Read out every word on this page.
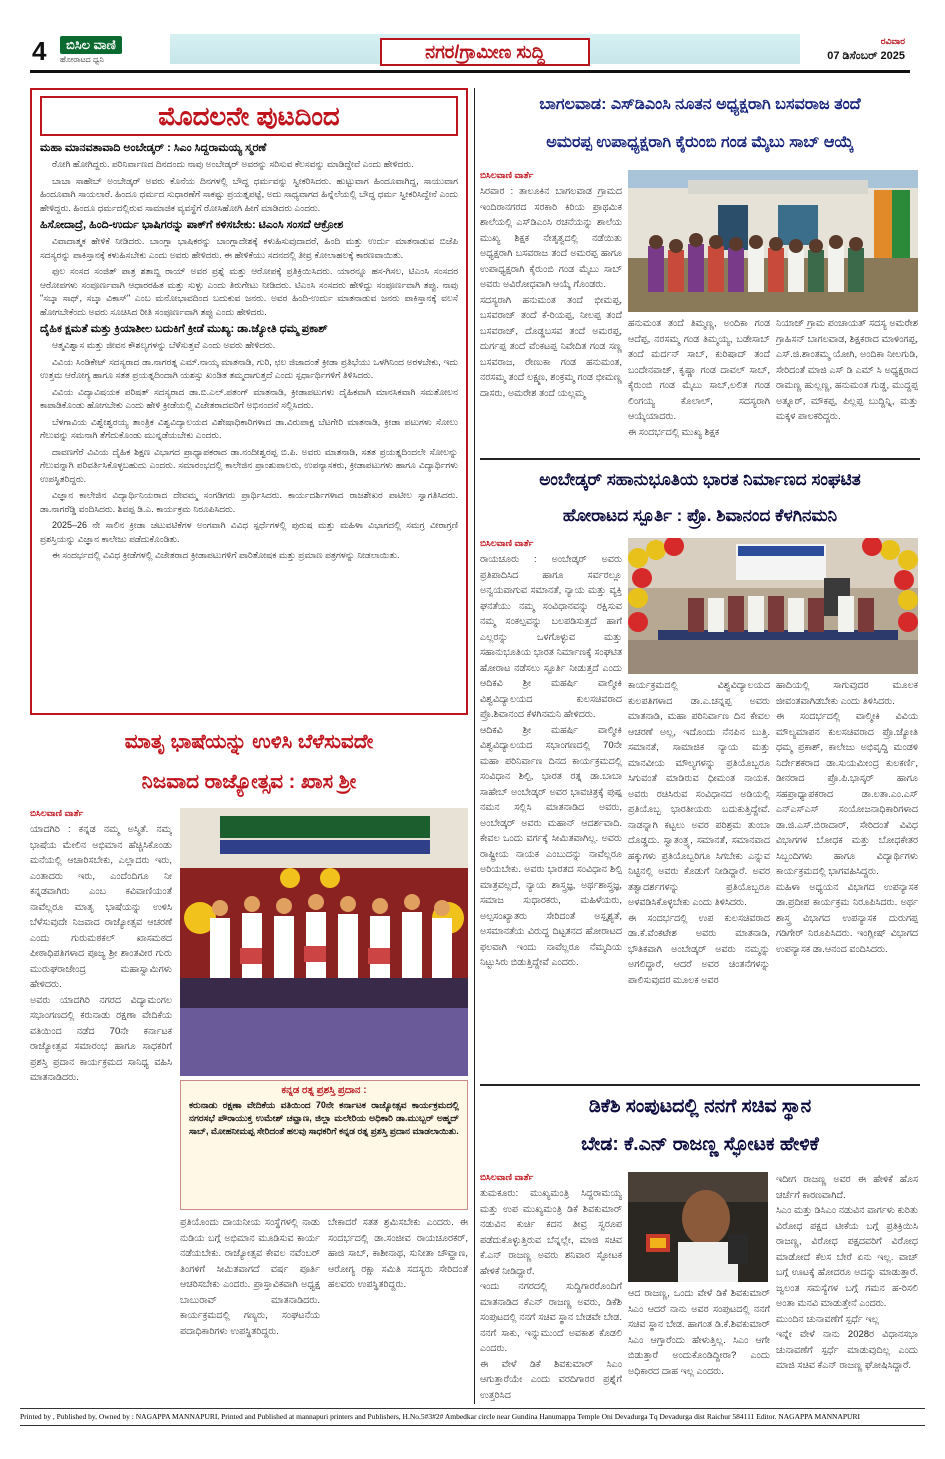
4	ಬಿಸಿಲ ವಾಣಿ
ಹೋರಾಟದ ಧ್ವನಿ	ನಗರ/ಗ್ರಾಮೀಣ ಸುದ್ದಿ
ರವಿವಾರ
07 ಡಿಸೆಂಬರ್ 2025
ಮೊದಲನೇ ಪುಟದಿಂದ
ಮಹಾ ಮಾನವತಾವಾದಿ ಅಂಬೇಡ್ಕರ್ : ಸಿಎಂ ಸಿದ್ದರಾಮಯ್ಯ ಸ್ಮರಣೆ

ರೋಗಿ ಹೋಗಿದ್ದರು. ಪರಿನಿರ್ವಾಣದ ದಿನದಂದು ನಾವು ಅಂಬೇಡ್ಕರ್ ಅವರನ್ನು ಸರಿಸುವ ಕೆಲಸವನ್ನು ಮಾಡಿದ್ದೇವೆ ಎಂದು ಹೇಳಿದರು.

ಬಾಬಾ ಸಾಹೇಬ್ ಅಂಬೇಡ್ಕರ್ ಅವರು ಕೊನೆಯ ದಿನಗಳಲ್ಲಿ ಬೌದ್ಧ ಧರ್ಮವನ್ನು ಸ್ವೀಕರಿಸಿದರು. ಹುಟ್ಟುವಾಗ ಹಿಂದೂವಾಗಿದ್ದ, ಸಾಯುವಾಗ ಹಿಂದೂವಾಗಿ ಸಾಯಲಾರೆ. ಹಿಂದೂ ಧರ್ಮದ ಸುಧಾರಣೆಗೆ ಸಾಕಷ್ಟು ಪ್ರಯತ್ನಪಟ್ಟೆ, ಅದು ಸಾಧ್ಯವಾಗದ ಹಿನ್ನೆಲೆಯಲ್ಲಿ ಬೌದ್ಧ ಧರ್ಮ ಸ್ವೀಕರಿಸಿದ್ದೇನೆ ಎಂದು ಹೇಳಿದ್ದರು. ಹಿಂದೂ ಧರ್ಮದಲ್ಲಿರುವ ಸಾಮಾಜಿಕ ವ್ಯವಸ್ಥೆಗೆ ರೋಸಿಹೋಗಿ ಹೀಗೆ ಮಾಡಿದರು ಎಂದರು.

ಹಿಸೋದಾದ್ರೆ, ಹಿಂದಿ-ಉರ್ದು ಭಾಷಿಗರನ್ನು ಪಾಕ್‌ಗೆ ಕಳಿಸಬೇಕು: ಟಿಎಂಸಿ ಸಂಸದೆ ಆಕ್ರೋಶ

ವಿವಾದಾತ್ಮಕ ಹೇಳಿಕೆ ನೀಡಿದರು. ಬಾಂಗ್ಲಾ ಭಾಷಿಕರನ್ನು ಬಾಂಗ್ಲಾದೇಶಕ್ಕೆ ಕಳುಹಿಸುವುದಾದರೆ, ಹಿಂದಿ ಮತ್ತು ಉರ್ದು ಮಾತನಾಡುವ ಬಿಜೆಪಿ ಸದಸ್ಯರನ್ನು ಪಾಕಿಸ್ತಾನಕ್ಕೆ ಕಳುಹಿಸಬೇಕು ಎಂದು ಅವರು ಹೇಳಿದರು. ಈ ಹೇಳಿಕೆಯು ಸದನದಲ್ಲಿ ತೀವ್ರ ಕೋಲಾಹಲಕ್ಕೆ ಕಾರಣವಾಯಿತು.

ಫುಲ ಸಂಸದ ಸಂಜಿತ್ ಪಾತ್ರ ಶತಾಬ್ದಿ ರಾಯ್ ಅವರ ಪ್ರಶ್ನೆ ಮತ್ತು ಆರೋಪಕ್ಕೆ ಪ್ರತಿಕ್ರಿಯಿಸಿದರು. ಯಾರನ್ನೂ ಹಸ-ಗಿಸಲ, ಟಿಎಂಸಿ ಸಂಸದರ ಆರೋಪಗಳು ಸಂಪೂರ್ಣವಾಗಿ ಆಧಾರರಹಿತ ಮತ್ತು ಸುಳ್ಳು ಎಂದು ತಿರುಗೇಟು ನೀಡಿದರು. ಟಿಎಂಸಿ ಸಂಸದರು ಹೇಳಿದ್ದು ಸಂಪೂರ್ಣವಾಗಿ ತಪ್ಪು. ನಾವು "ಸಬ್ಕಾ ಸಾಥ್, ಸಬ್ಕಾ ವಿಕಾಸ್" ಎಂಬ ಮನೋಭಾವದಿಂದ ಬದುಕುವ ಜನರು. ಅವರ ಹಿಂದಿ-ಉರ್ದು ಮಾತನಾಡುವ ಜನರು ಪಾಕಿಸ್ತಾನಕ್ಕೆ ವಲಸೆ ಹೋಗಬೇಕೆಂದು ಅವರು ಸೂಚಿಸಿದ ರೀತಿ ಸಂಪೂರ್ಣವಾಗಿ ತಪ್ಪು ಎಂದು ಹೇಳಿದರು.

ದೈಹಿಕ ಕ್ಷಮತೆ ಮತ್ತು ಕ್ರಿಯಾಶೀಲ ಬದುಕಿಗೆ ಕ್ರೀಡೆ ಮುಖ್ಯ: ಡಾ.ಜ್ಯೋತಿ ಧಮ್ಮ ಪ್ರಕಾಶ್

ಆತ್ಮವಿಶ್ವಾಸ ಮತ್ತು ಜೀವನ ಕೌಶಲ್ಯಗಳನ್ನು ಬೆಳೆಸುತ್ತವೆ ಎಂದು ಅವರು ಹೇಳಿದರು.

ವಿವಿಯ ಸಿಂಡಿಕೇಟ್ ಸದಸ್ಯರಾದ ಡಾ.ನಾಗರತ್ನ ಎಮ್.ನಾಯ್ಕ ಮಾತನಾಡಿ, ಗುರಿ, ಛಲ ಜಿಜಾದಂತೆ ಕ್ರೀಡಾ ಪ್ರತಿಭೆಯು ಒಳಗಿನಿಂದ ಅರಳಬೇಕು, ಇದು ಉತ್ತಮ ಆರೋಗ್ಯ ಹಾಗೂ ಸತತ ಪ್ರಯತ್ನದಿಂದಾಗಿ ಯಶಸ್ಸು ಖಂಡಿತ ತಮ್ಮದಾಗುತ್ತದೆ ಎಂದು ಸ್ಪರ್ಧಾರ್ಥಿಗಳಿಗೆ ತಿಳಿಸಿದರು.

ವಿವಿಯ ವಿದ್ಯಾವಿಷಯಕ ಪರಿಷತ್ ಸದಸ್ಯರಾದ ಡಾ.ಬಿ.ಎಲ್.ಪತಂಗ್ ಮಾತನಾಡಿ, ಕ್ರೀಡಾಪಟುಗಳು ದೈಹಿಕವಾಗಿ ಮಾನಸಿಕವಾಗಿ ಸಮತೋಲನ ಕಾಪಾಡಿಕೊಂಡು ಹೋಗಬೇಕು ಎಂದು ಹೇಳಿ ಕ್ರೀಡೆಯಲ್ಲಿ ವಿಜೇತರಾದವರಿಗೆ ಅಭಿನಂದನೆ ಸಲ್ಲಿಸಿದರು.

ಬೆಳಗಾವಿಯ ವಿಶ್ವೇಶ್ವರಯ್ಯ ತಾಂತ್ರಿಕ ವಿಶ್ವವಿದ್ಯಾಲಯದ ವಿಶೇಷಾಧಿಕಾರಿಗಳಾದ ಡಾ.ವಿರುಪಾಕ್ಷ ಬೆಟಗೇರಿ ಮಾತನಾಡಿ, ಕ್ರೀಡಾ ಪಟುಗಳು ಸೋಲು ಗೆಲುವನ್ನು ಸಮನಾಗಿ ತೆಗೆದುಕೊಂಡು ಮುನ್ನಡೆಯಬೇಕು ಎಂದರು.

ದಾವಣಗೆರೆ ವಿವಿಯ ದೈಹಿಕ ಶಿಕ್ಷಣ ವಿಭಾಗದ ಪ್ರಾಧ್ಯಾಪಕರಾದ ಡಾ.ನಂದೀಶ್ವರಪ್ಪ ಬಿ.ಪಿ. ಅವರು ಮಾತನಾಡಿ, ಸತತ ಪ್ರಯತ್ನದಿಂದಲೇ ಸೋಲನ್ನು ಗೆಲುವನ್ನಾಗಿ ಪರಿವರ್ತಿಸಿಕೊಳ್ಳಬಹುದು ಎಂದರು. ಸಮಾರಂಭದಲ್ಲಿ ಕಾಲೇಜಿನ ಪ್ರಾಂಶುಪಾಲರು, ಉಪನ್ಯಾಸಕರು, ಕ್ರೀಡಾಪಟುಗಳು ಹಾಗೂ ವಿದ್ಯಾರ್ಥಿಗಳು ಉಪಸ್ಥಿತರಿದ್ದರು.

ವಿಜ್ಞಾನ ಕಾಲೇಜಿನ ವಿದ್ಯಾರ್ಥಿನಿಯರಾದ ದೇವಮ್ಮ ಸಂಗಡಿಗರು ಪ್ರಾರ್ಥಿಸಿದರು. ಕಾರ್ಯದರ್ಶಿಗಳಾದ ರಾಜಶೇಖರ ಪಾಟೀಲ ಸ್ವಾಗತಿಸಿದರು. ಡಾ.ನಾಗರೆಡ್ಡಿ ವಂದಿಸಿದರು. ಶಿವಪ್ಪ ಡಿ.ಎ. ಕಾರ್ಯಕ್ರಮ ನಿರೂಪಿಸಿದರು.

2025–26 ನೇ ಸಾಲಿನ ಕ್ರೀಡಾ ಚಟುವಟಿಕೆಗಳ ಅಂಗವಾಗಿ ವಿವಿಧ ಸ್ಪರ್ಧೆಗಳಲ್ಲಿ ಪುರುಷ ಮತ್ತು ಮಹಿಳಾ ವಿಭಾಗದಲ್ಲಿ ಸಮಗ್ರ ವೀರಾಗ್ರಣಿ ಪ್ರಶಸ್ತಿಯನ್ನು ವಿಜ್ಞಾನ ಕಾಲೇಜು ಪಡೆದುಕೊಂಡಿತು.

ಈ ಸಂದರ್ಭದಲ್ಲಿ ವಿವಿಧ ಕ್ರೀಡೆಗಳಲ್ಲಿ ವಿಜೇತರಾದ ಕ್ರೀಡಾಪಟುಗಳಿಗೆ ಪಾರಿತೋಷಕ ಮತ್ತು ಪ್ರಮಾಣ ಪತ್ರಗಳನ್ನು ನೀಡಲಾಯಿತು.

ಮಾತೃ ಭಾಷೆಯನ್ನು ಉಳಿಸಿ ಬೆಳೆಸುವದೇ
ನಿಜವಾದ ರಾಜ್ಯೋತ್ಸವ : ಖಾಸ ಶ್ರೀ
ಬಿಸಿಲವಾಣಿ ವಾರ್ತೆ
ಯಾದಗಿರಿ : ಕನ್ನಡ ನಮ್ಮ ಅಸ್ಮಿತೆ. ನಮ್ಮ ಭಾಷೆಯ ಮೇಲಿನ ಅಭಿಮಾನ ಹೆಚ್ಚಿಸಿಕೊಂಡು ಮನೆಯಲ್ಲಿ ಆಚಾರಿಸಬೇಕು, ಎಲ್ಲಾದರು ಇರು, ಎಂತಾದರು ಇರು, ಎಂದೆಂದಿಗೂ ನೀ ಕನ್ನಡವಾಗಿರು ಎಂಬ ಕವಿವಾಣಿಯಂತೆ ನಾವೆಲ್ಲರೂ ಮಾತೃ ಭಾಷೆಯನ್ನು ಉಳಿಸಿ ಬೆಳೆಸುವುದೇ ನಿಜವಾದ ರಾಜ್ಯೋತ್ಸವ ಆಚರಣೆ ಎಂದು ಗುರುಮಠಕಲ್ ಖಾಸಮಠದ ಪೀಠಾಧಿಪತಿಗಳಾದ ಪೂಜ್ಯ ಶ್ರೀ ಶಾಂತವೀರ ಗುರು ಮುರುಘರಾಜೇಂದ್ರ ಮಹಾಸ್ವಾಮಿಗಳು ಹೇಳಿದರು.
ಅವರು ಯಾದಗಿರಿ ನಗರದ ವಿದ್ಯಾಮಂಗಲ ಸಭಾಂಗಣದಲ್ಲಿ ಕರುನಾಡು ರಕ್ಷಣಾ ವೇದಿಕೆಯ ವತಿಯಿಂದ ನಡೆದ 70ನೇ ಕರ್ನಾಟಕ ರಾಜ್ಯೋತ್ಸವ ಸಮಾರಂಭ ಹಾಗೂ ಸಾಧಕರಿಗೆ ಪ್ರಶಸ್ತಿ ಪ್ರದಾನ ಕಾರ್ಯಕ್ರಮದ ಸಾನಿಧ್ಯ ವಹಿಸಿ ಮಾತನಾಡಿದರು.
ಕನ್ನಡ ರತ್ನ ಪ್ರಶಸ್ತಿ ಪ್ರದಾನ :
ಕರುನಾಡು ರಕ್ಷಣಾ ವೇದಿಕೆಯ ವತಿಯಿಂದ 70ನೇ ಕರ್ನಾಟಕ ರಾಜ್ಯೋತ್ಸವ ಕಾರ್ಯಕ್ರಮದಲ್ಲಿ ನಗರಸಭೆ ಪೌರಾಯುಕ್ತ ಉಮೇಶ್ ಚವ್ಹಾಣ, ಜಿಲ್ಲಾ ಮಲೇರಿಯ ಅಧಿಕಾರಿ ಡಾ.ಮುಬ್ಬರ್ ಅಹ್ಮದ್ ಸಾಬ್, ಮೋಹನೀಮಪ್ಪ ಸೇರಿದಂತೆ ಹಲವು ಸಾಧಕರಿಗೆ ಕನ್ನಡ ರತ್ನ ಪ್ರಶಸ್ತಿ ಪ್ರದಾನ ಮಾಡಲಾಯಿತು.
ಪ್ರತಿಯೊಂದು ದಾಯನೀಯ ಸಂಸ್ಥೆಗಳಲ್ಲಿ ನಾಡು ನುಡಿಯ ಬಗ್ಗೆ ಅಭಿಮಾನ ಮೂಡಿಸುವ ಕಾರ್ಯ ನಡೆಯಬೇಕು. ರಾಜ್ಯೋತ್ಸವ ಕೇವಲ ನವೆಂಬರ್ ತಿಂಗಳಿಗೆ ಸೀಮಿತವಾಗದೆ ವರ್ಷ ಪೂರ್ತಿ ಆಚರಿಸಬೇಕು ಎಂದರು. ಪ್ರಾಸ್ತಾವಿಕವಾಗಿ ಅಧ್ಯಕ್ಷ ಬಾಬುರಾವ್ ಮಾತನಾಡಿದರು. ಕಾರ್ಯಕ್ರಮದಲ್ಲಿ ಗಣ್ಯರು, ಸಂಘಟನೆಯ ಪದಾಧಿಕಾರಿಗಳು ಉಪಸ್ಥಿತರಿದ್ದರು.
ಬೇಕಾದರೆ ಸತತ ಶ್ರಮಿಸಬೇಕು ಎಂದರು. ಈ ಸಂದರ್ಭದಲ್ಲಿ ಡಾ.ಸಂಜೀವ ರಾಯಚೂರಕರ್, ಹಾಜಿ ಸಾಬ್, ಕಾಶೀನಾಥ, ಸುನೀತಾ ಚೌವ್ಹಾಣ, ಆರೋಗ್ಯ ರಕ್ಷಾ ಸಮಿತಿ ಸದಸ್ಯರು ಸೇರಿದಂತೆ ಹಲವರು ಉಪಸ್ಥಿತರಿದ್ದರು.
ಬಾಗಲವಾಡ: ಎಸ್‌ಡಿಎಂಸಿ ನೂತನ ಅಧ್ಯಕ್ಷರಾಗಿ ಬಸವರಾಜ ತಂದೆ
ಅಮರಪ್ಪ ಉಪಾಧ್ಯಕ್ಷರಾಗಿ ಕೈರುಂಬಿ ಗಂಡ ಮೈಬು ಸಾಬ್ ಆಯ್ಕೆ
ಬಿಸಿಲವಾಣಿ ವಾರ್ತೆ
ಸಿರವಾರ : ತಾಲೂಕಿನ ಬಾಗಲವಾಡ ಗ್ರಾಮದ ಇಂದಿರಾನಗರದ ಸರಕಾರಿ ಕಿರಿಯ ಪ್ರಾಥಮಿಕ ಶಾಲೆಯಲ್ಲಿ ಎಸ್‌ಡಿಎಂಸಿ ರಚನೆಯನ್ನು ಶಾಲೆಯ ಮುಖ್ಯ ಶಿಕ್ಷಕ ನೇತೃತ್ವದಲ್ಲಿ ನಡೆಯಿತು ಅಧ್ಯಕ್ಷರಾಗಿ ಬಸವರಾಜ ತಂದೆ ಅಮರಪ್ಪ ಹಾಗೂ ಉಪಾಧ್ಯಕ್ಷರಾಗಿ ಕೈರುಂಬಿ ಗಂಡ ಮೈಬು ಸಾಬ್ ಅವರು ಅವಿರೋಧವಾಗಿ ಆಯ್ಕೆ ಗೊಂಡರು.
ಸದಸ್ಯರಾಗಿ ಹನುಮಂತ ತಂದೆ ಭೀಮಪ್ಪ, ಬಸವರಾಜ್ ತಂದೆ ಕೆ-ರಿಯಪ್ಪ, ನೀಲಪ್ಪ ತಂದೆ ಬಸವರಾಜ್, ದೊಡ್ಡಬಸವ ತಂದೆ ಅಮರಪ್ಪ, ದುರ್ಗಪ್ಪ ತಂದೆ ವೆಂಕಟಪ್ಪ ನಿವೇದಿತ ಗಂಡ ಸಣ್ಣ ಬಸವರಾಜ, ರೇಣುಕಾ ಗಂಡ ಹನುಮಂತ, ನರಸಮ್ಮ ತಂದೆ ಲಕ್ಷ್ಮಣ, ಶಂಕ್ರಮ್ಮ ಗಂಡ ಭೀಮಣ್ಣ ದಾಸರು, ಅಮರೇಶ ತಂದೆ ಯಲ್ಲಮ್ಮ
ಹನುಮಂತ ತಂದೆ ತಿಮ್ಮಣ್ಣ, ಅಂದಿಕಾ ಗಂಡ ಆದೆಪ್ಪ, ನರಸಮ್ಮ ಗಂಡ ತಿಮ್ಮಯ್ಯ, ಬಡೇಸಾಬ್ ತಂದೆ ಮರ್ದನ್ ಸಾಬ್, ಕುರಿಷಾದ್ ತಂದೆ ಬಂದೇನವಾಜ್, ಕೃಷ್ಣಾ ಗಂಡ ದಾವಲ್ ಸಾಬ್, ಕೈರುಂಬಿ ಗಂಡ ಮೈಬು ಸಾಬ್,ಲಲಿತ ಗಂಡ ಲಿಂಗಯ್ಯ ಕೊಲಾಲ್, ಸದಸ್ಯರಾಗಿ ಆಯ್ಕೆಯಾದರು.
ಈ ಸಂದರ್ಭದಲ್ಲಿ ಮುಖ್ಯ ಶಿಕ್ಷಕ
ನಿಯಾಜ್ ಗ್ರಾಮ ಪಂಚಾಯತ್ ಸದಸ್ಯ ಅಮರೇಶ ಗ್ರಾಹಿಸನ್ ಬಾಗಲವಾಡ, ಶಿಕ್ಷಕರಾದ ಮಾಳಿಂಗಪ್ಪ, ಎಸ್.ಜಿ.ಶಾಂತಮ್ಮ ಯೋಗಿ, ಅಂದಿಕಾ ನೀಲಗುಡಿ, ಸೇರಿದಂತೆ ಮಾಜಿ ಎಸ್ ಡಿ ಎಮ್ ಸಿ ಅಧ್ಯಕ್ಷರಾದ ರಾಮಣ್ಣ ಹುಲ್ಲಣ್ಣ, ಹನುಮಂತ ಗುಡ್ಡ, ಮುದ್ದಪ್ಪ ಅತ್ನೂರ್, ಮೌಕಪ್ಪ, ಪಿಲ್ಲಪ್ಪ ಬುದ್ದಿನ್ನಿ, ಮತ್ತು ಮಕ್ಕಳ ಪಾಲಕರಿದ್ದರು.
ಅಂಬೇಡ್ಕರ್ ಸಹಾನುಭೂತಿಯ ಭಾರತ ನಿರ್ಮಾಣದ ಸಂಘಟಿತ
ಹೋರಾಟದ ಸ್ಪೂರ್ತಿ : ಪ್ರೊ. ಶಿವಾನಂದ ಕೆಳಗಿನಮನಿ
ಬಿಸಿಲವಾಣಿ ವಾರ್ತೆ
ರಾಯಚೂರು : ಅಂಬೇಡ್ಕರ್ ಅವರು ಪ್ರತಿಪಾದಿಸಿದ ಹಾಗೂ ಸರ್ವರಲ್ಲೂ ಅನ್ವಯವಾಗುವ ಸಮಾನತೆ, ನ್ಯಾಯ ಮತ್ತು ವ್ಯಕ್ತಿ ಘನತೆಯು ನಮ್ಮ ಸಂವಿಧಾನವನ್ನು ರಕ್ಷಿಸುವ ನಮ್ಮ ಸಂಕಲ್ಪವನ್ನು ಬಲಪಡಿಸುತ್ತದೆ ಹಾಗೆ ಎಲ್ಲರನ್ನು ಒಳಗೊಳ್ಳುವ ಮತ್ತು ಸಹಾನುಭೂತಿಯ ಭಾರತ ನಿರ್ಮಾಣಕ್ಕೆ ಸಂಘಟಿತ ಹೋರಾಟ ನಡೆಸಲು ಸ್ಫೂರ್ತಿ ನೀಡುತ್ತದೆ ಎಂದು ಆದಿಕವಿ ಶ್ರೀ ಮಹರ್ಷಿ ವಾಲ್ಮೀಕಿ ವಿಶ್ವವಿದ್ಯಾಲಯದ ಕುಲಸಚಿವರಾದ ಪ್ರೊ.ಶಿವಾನಂದ ಕೆಳಗಿನಮನಿ ಹೇಳಿದರು.
ಆದಿಕವಿ ಶ್ರೀ ಮಹರ್ಷಿ ವಾಲ್ಮೀಕಿ ವಿಶ್ವವಿದ್ಯಾಲಯದ ಸಭಾಂಗಣದಲ್ಲಿ 70ನೇ ಮಹಾ ಪರಿನಿರ್ವಾಣ ದಿನದ ಕಾರ್ಯಕ್ರಮದಲ್ಲಿ ಸಂವಿಧಾನ ಶಿಲ್ಪಿ, ಭಾರತ ರತ್ನ ಡಾ.ಬಾಬಾ ಸಾಹೇಬ್ ಅಂಬೇಡ್ಕರ್ ಅವರ ಭಾವಚಿತ್ರಕ್ಕೆ ಪುಷ್ಪ ನಮನ ಸಲ್ಲಿಸಿ ಮಾತನಾಡಿದ ಅವರು, ಅಂಬೇಡ್ಕರ್ ಅವರು ಮಹಾನ್ ಆದರ್ಶವಾದಿ. ಕೇವಲ ಒಂದು ವರ್ಗಕ್ಕೆ ಸೀಮಿತವಾಗಿಲ್ಲ. ಅವರು ರಾಷ್ಟ್ರೀಯ ನಾಯಕ ಎಂಬುದನ್ನು ನಾವೆಲ್ಲರೂ ಅರಿಯಬೇಕು. ಅವರು ಭಾರತದ ಸಂವಿಧಾನ ಶಿಲ್ಪಿ ಮಾತ್ರವಲ್ಲದೆ, ನ್ಯಾಯ ಶಾಸ್ತ್ರಜ್ಞ, ಅರ್ಥಶಾಸ್ತ್ರಜ್ಞ, ಸಮಾಜ ಸುಧಾರಕರು, ಮಹಿಳೆಯರು, ಅಲ್ಪಸಂಖ್ಯಾತರು ಸೇರಿದಂತೆ ಅಸ್ಪೃಶ್ಯತೆ, ಅಸಮಾನತೆಯ ವಿರುದ್ಧ ದಿಟ್ಟತನದ ಹೋರಾಟದ ಫಲವಾಗಿ ಇಂದು ನಾವೆಲ್ಲರೂ ನೆಮ್ಮದಿಯ ನಿಟ್ಟುಸಿರು ಬಿಡುತ್ತಿದ್ದೇವೆ ಎಂದರು.
ಕಾರ್ಯಕ್ರಮದಲ್ಲಿ ವಿಶ್ವವಿದ್ಯಾಲಯದ ಕುಲಪತಿಗಳಾದ ಡಾ.ಎ.ಚನ್ನಪ್ಪ ಅವರು ಮಾತನಾಡಿ, ಮಹಾ ಪರಿನಿರ್ವಾಣ ದಿನ ಕೇವಲ ಆಚರಣೆ ಅಲ್ಲ, ಇದೊಂದು ನೆನಪಿನ ಬುತ್ತಿ. ಸಮಾನತೆ, ಸಾಮಾಜಿಕ ನ್ಯಾಯ ಮತ್ತು ಮಾನವೀಯ ಮೌಲ್ಯಗಳನ್ನು ಪ್ರತಿಯೊಬ್ಬರೂ ಸಿಗುವಂತೆ ಮಾಡಿರುವ ಧೀಮಂತ ನಾಯಕ. ಅವರು ರಚಿಸಿರುವ ಸಂವಿಧಾನದ ಅಡಿಯಲ್ಲಿ ಪ್ರತಿಯೊಬ್ಬ ಭಾರತೀಯರು ಬದುಕುತ್ತಿದ್ದೇವೆ. ನಾಡನ್ನಾಗಿ ಕಟ್ಟಲು ಅವರ ಪರಿಶ್ರಮ ತುಂಬಾ ದೊಡ್ಡದು. ಸ್ವಾತಂತ್ರ್ಯ, ಸಮಾನತೆ, ಸಮಾನವಾದ ಹಕ್ಕುಗಳು ಪ್ರತಿಯೊಬ್ಬರಿಗೂ ಸಿಗಬೇಕು ಎನ್ನುವ ನಿಟ್ಟಿನಲ್ಲಿ ಅವರು ಕೊಡುಗೆ ನೀಡಿದ್ದಾರೆ. ಅವರ ತತ್ವಾದರ್ಶಗಳನ್ನು ಪ್ರತಿಯೊಬ್ಬರೂ ಅಳವಡಿಸಿಕೊಳ್ಳಬೇಕು ಎಂದು ತಿಳಿಸಿದರು.
ಈ ಸಂದರ್ಭದಲ್ಲಿ ಉಪ ಕುಲಸಚಿವರಾದ ಡಾ.ಕೆ.ವೆಂಕಟೇಶ ಅವರು ಮಾತನಾಡಿ, ಭೌತಿಕವಾಗಿ ಅಂಬೇಡ್ಕರ್ ಅವರು ನಮ್ಮನ್ನು ಅಗಲಿದ್ದಾರೆ, ಆದರೆ ಅವರ ಚಿಂತನೆಗಳನ್ನು ಪಾಲಿಸುವುದರ ಮೂಲಕ ಅವರ
ಹಾದಿಯಲ್ಲಿ ಸಾಗುವುದರ ಮೂಲಕ ಜೀವಂತವಾಗಿಡಬೇಕು ಎಂದು ತಿಳಿಸಿದರು.
ಈ ಸಂದರ್ಭದಲ್ಲಿ ವಾಲ್ಮೀಕಿ ವಿವಿಯ ಮೌಲ್ಯಮಾಪನ ಕುಲಸಚಿವರಾದ ಪ್ರೊ.ಜ್ಯೋತಿ ಧಮ್ಮ ಪ್ರಕಾಶ್, ಕಾಲೇಜು ಅಭಿವೃದ್ಧಿ ಮಂಡಳಿ ನಿರ್ದೇಶಕರಾದ ಡಾ.ಸುಯಮೀಂದ್ರ ಕುಲಕರ್ಣಿ, ಡೀನರಾದ ಪ್ರೊ.ಪಿ.ಭಾಸ್ಕರ್ ಹಾಗೂ ಸಹಪ್ರಾಧ್ಯಾಪಕರಾದ ಡಾ.ಲತಾ.ಎಂ.ಎಸ್ ಎನ್‌ಎಸ್‌ಎಸ್ ಸಂಯೋಜನಾಧಿಕಾರಿಗಳಾದ ಡಾ.ಜಿ.ಎಸ್.ಬಿರಾದಾರ್, ಸೇರಿದಂತೆ ವಿವಿಧ ವಿಭಾಗಗಳ ಬೋಧಕ ಮತ್ತು ಬೋಧಕೇತರ ಸಿಬ್ಬಂದಿಗಳು ಹಾಗೂ ವಿದ್ಯಾರ್ಥಿಗಳು ಕಾರ್ಯಕ್ರಮದಲ್ಲಿ ಭಾಗವಹಿಸಿದ್ದರು.
ಮಹಿಳಾ ಅಧ್ಯಯನ ವಿಭಾಗದ ಉಪನ್ಯಾಸಕ ಡಾ.ಪ್ರದೀಪ ಕಾರ್ಯಕ್ರಮ ನಿರೂಪಿಸಿದರು. ಅರ್ಥ ಶಾಸ್ತ್ರ ವಿಭಾಗದ ಉಪನ್ಯಾಸಕ ದುರುಗಪ್ಪ ಗಡಿಗೇರ್ ನಿರೂಪಿಸಿದರು. ಇಂಗ್ಲೀಷ್ ವಿಭಾಗದ ಉಪನ್ಯಾಸಕ ಡಾ.ಆನಂದ ವಂದಿಸಿದರು.
ಡಿಕೆಶಿ ಸಂಪುಟದಲ್ಲಿ ನನಗೆ ಸಚಿವ ಸ್ಥಾನ
ಬೇಡ: ಕೆ.ಎನ್ ರಾಜಣ್ಣ ಸ್ಫೋಟಕ ಹೇಳಿಕೆ
ಬಿಸಿಲವಾಣಿ ವಾರ್ತೆ
ತುಮಕೂರು: ಮುಖ್ಯಮಂತ್ರಿ ಸಿದ್ದರಾಮಯ್ಯ ಮತ್ತು ಉಪ ಮುಖ್ಯಮಂತ್ರಿ ಡಿಕೆ ಶಿವಕುಮಾರ್ ನಡುವಿನ ಕುರ್ಚಿ ಕದನ ತೀವ್ರ ಸ್ವರೂಪ ಪಡೆದುಕೊಳ್ಳುತ್ತಿರುವ ಬೆನ್ನಲ್ಲೇ, ಮಾಜಿ ಸಚಿವ ಕೆ.ಎನ್ ರಾಜಣ್ಣ ಅವರು ಶನಿವಾರ ಸ್ಫೋಟಕ ಹೇಳಿಕೆ ನೀಡಿದ್ದಾರೆ.
ಇಂದು ನಗರದಲ್ಲಿ ಸುದ್ದಿಗಾರರೊಂದಿಗೆ ಮಾತನಾಡಿದ ಕೆಎನ್ ರಾಜಣ್ಣ ಅವರು, ಡಿಕೆಶಿ ಸಂಪುಟದಲ್ಲಿ ನನಗೆ ಸಚಿವ ಸ್ಥಾನ ಬೇಡವೇ ಬೇಡ. ನನಗೆ ಸಾಕು, ಇನ್ನುಮುಂದೆ ಅವಕಾಶ ಕೊಡಲಿ ಎಂದರು.
ಈ ವೇಳೆ ಡಿಕೆ ಶಿವಕುಮಾರ್ ಸಿಎಂ ಆಗುತ್ತಾರೆಯೇ ಎಂದು ವರದಿಗಾರರ ಪ್ರಶ್ನೆಗೆ ಉತ್ತರಿಸಿದ
ಆದ ರಾಜಣ್ಣ, ಒಂದು ವೇಳೆ ಡಿಕೆ ಶಿವಕುಮಾರ್ ಸಿಎಂ ಆದರೆ ನಾನು ಅವರ ಸಂಪುಟದಲ್ಲಿ ನನಗೆ ಸಚಿವ ಸ್ಥಾನ ಬೇಡ. ಹಾಗಂತ ಡಿ.ಕೆ.ಶಿವಕುಮಾರ್ ಸಿಎಂ ಆಗ್ತಾರೆಂದು ಹೇಳುತ್ತಿಲ್ಲ. ಸಿಎಂ ಆಗೇ ಬಿಡುತ್ತಾರೆ ಅಂದುಕೊಂಡಿದ್ದೀರಾ? ಎಂದು ಅಧಿಕಾರದ ದಾಹ ಇಲ್ಲ ಎಂದರು.
ಇದೀಗ ರಾಜಣ್ಣ ಅವರ ಈ ಹೇಳಿಕೆ ಹೊಸ ಚರ್ಚೆಗೆ ಕಾರಣವಾಗಿದೆ.
ಸಿಎಂ ಮತ್ತು ಡಿಸಿಎಂ ನಡುವಿನ ವಾರ್ಗಳು ಕುರಿತು ವಿರೋಧ ಪಕ್ಷದ ಟೀಕೆಯ ಬಗ್ಗೆ ಪ್ರತಿಕ್ರಿಯಿಸಿ ರಾಜಣ್ಣ, ವಿರೋಧ ಪಕ್ಷದವರಿಗೆ ವಿರೋಧ ಮಾಡೋದೆ ಕೆಲಸ ಬೇರೆ ಏನು ಇಲ್ಲ. ವಾಚ್ ಬಗ್ಗೆ ಊಟಕ್ಕೆ ಹೋದರೂ ಅದನ್ನು ಮಾಡುತ್ತಾರೆ. ಜ್ವಲಂತ ಸಮಸ್ಯೆಗಳ ಬಗ್ಗೆ ಗಮನ ಹ-ರಿಸಲಿ ಅಂತಾ ಮನವಿ ಮಾಡುತ್ತೇನೆ ಎಂದರು.
ಮುಂದಿನ ಚುನಾವಣೆಗೆ ಸ್ಪರ್ಧೆ ಇಲ್ಲ
ಇನ್ನೇ ವೇಳೆ ನಾನು 2028ರ ವಿಧಾನಸಭಾ ಚುನಾವಣೆಗೆ ಸ್ಪರ್ಧೆ ಮಾಡುವುದಿಲ್ಲ ಎಂದು ಮಾಜಿ ಸಚಿವ ಕೆಎನ್ ರಾಜಣ್ಣ ಘೋಷಿಸಿದ್ದಾರೆ.
Printed by , Published by, Owned by : NAGAPPA MANNAPURI, Printed and Published at mannapuri printers and Publishers, H.No.5#3#2# Ambedkar circle near Gundina Hanumappa Temple Oni Devadurga Tq Devadurga dist Raichur 584111 Editor. NAGAPPA MANNAPURI
